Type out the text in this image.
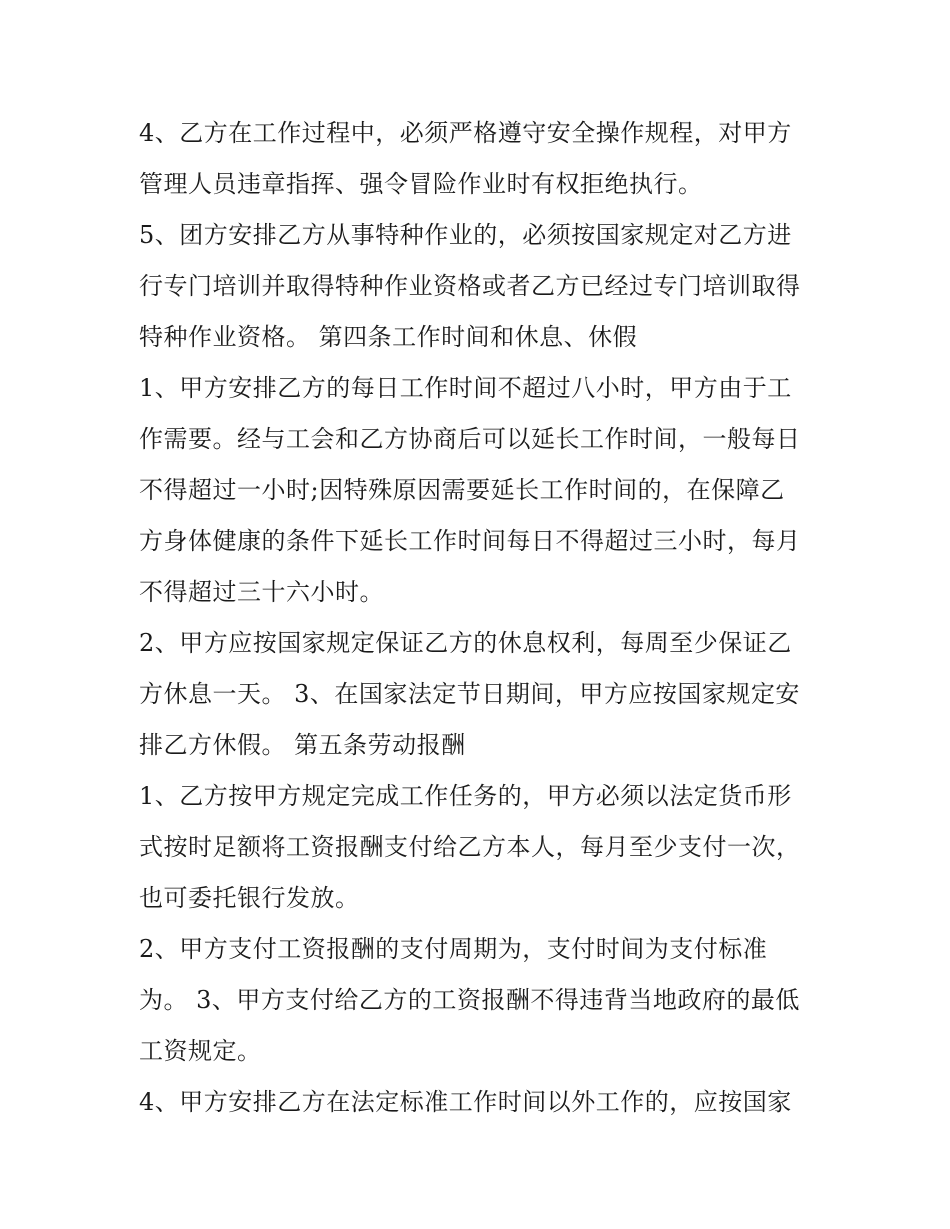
4、乙方在工作过程中，必须严格遵守安全操作规程，对甲方
管理人员违章指挥、强令冒险作业时有权拒绝执行。
5、团方安排乙方从事特种作业的，必须按国家规定对乙方进
行专门培训并取得特种作业资格或者乙方已经过专门培训取得
特种作业资格。 第四条工作时间和休息、休假
1、甲方安排乙方的每日工作时间不超过八小时，甲方由于工
作需要。经与工会和乙方协商后可以延长工作时间，一般每日
不得超过一小时;因特殊原因需要延长工作时间的，在保障乙
方身体健康的条件下延长工作时间每日不得超过三小时，每月
不得超过三十六小时。
2、甲方应按国家规定保证乙方的休息权利，每周至少保证乙
方休息一天。 3、在国家法定节日期间，甲方应按国家规定安
排乙方休假。 第五条劳动报酬
1、乙方按甲方规定完成工作任务的，甲方必须以法定货币形
式按时足额将工资报酬支付给乙方本人，每月至少支付一次，
也可委托银行发放。
2、甲方支付工资报酬的支付周期为，支付时间为支付标准
为。 3、甲方支付给乙方的工资报酬不得违背当地政府的最低
工资规定。
4、甲方安排乙方在法定标准工作时间以外工作的，应按国家
